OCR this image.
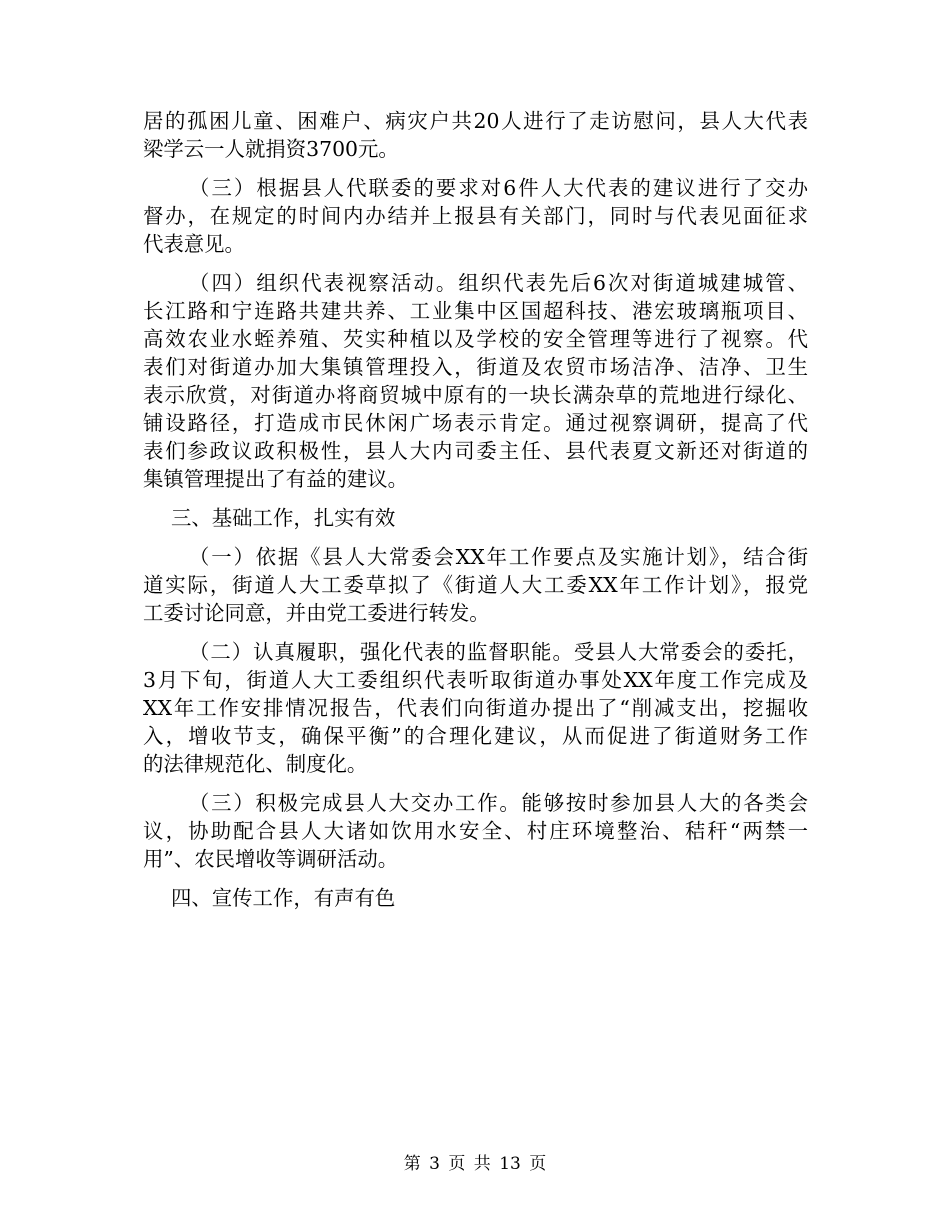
居的孤困儿童、困难户、病灾户共20人进行了走访慰问，县人大代表
梁学云一人就捐资3700元。
（三）根据县人代联委的要求对6件人大代表的建议进行了交办
督办，在规定的时间内办结并上报县有关部门，同时与代表见面征求
代表意见。
（四）组织代表视察活动。组织代表先后6次对街道城建城管、
长江路和宁连路共建共养、工业集中区国超科技、港宏玻璃瓶项目、
高效农业水蛭养殖、芡实种植以及学校的安全管理等进行了视察。代
表们对街道办加大集镇管理投入，街道及农贸市场洁净、洁净、卫生
表示欣赏，对街道办将商贸城中原有的一块长满杂草的荒地进行绿化、
铺设路径，打造成市民休闲广场表示肯定。通过视察调研，提高了代
表们参政议政积极性，县人大内司委主任、县代表夏文新还对街道的
集镇管理提出了有益的建议。
三、基础工作，扎实有效
（一）依据《县人大常委会XX年工作要点及实施计划》，结合街
道实际，街道人大工委草拟了《街道人大工委XX年工作计划》，报党
工委讨论同意，并由党工委进行转发。
（二）认真履职，强化代表的监督职能。受县人大常委会的委托，
3月下旬，街道人大工委组织代表听取街道办事处XX年度工作完成及
XX年工作安排情况报告，代表们向街道办提出了“削减支出，挖掘收
入，增收节支，确保平衡”的合理化建议，从而促进了街道财务工作
的法律规范化、制度化。
（三）积极完成县人大交办工作。能够按时参加县人大的各类会
议，协助配合县人大诸如饮用水安全、村庄环境整治、秸秆“两禁一
用”、农民增收等调研活动。
四、宣传工作，有声有色
第 3 页 共 13 页
